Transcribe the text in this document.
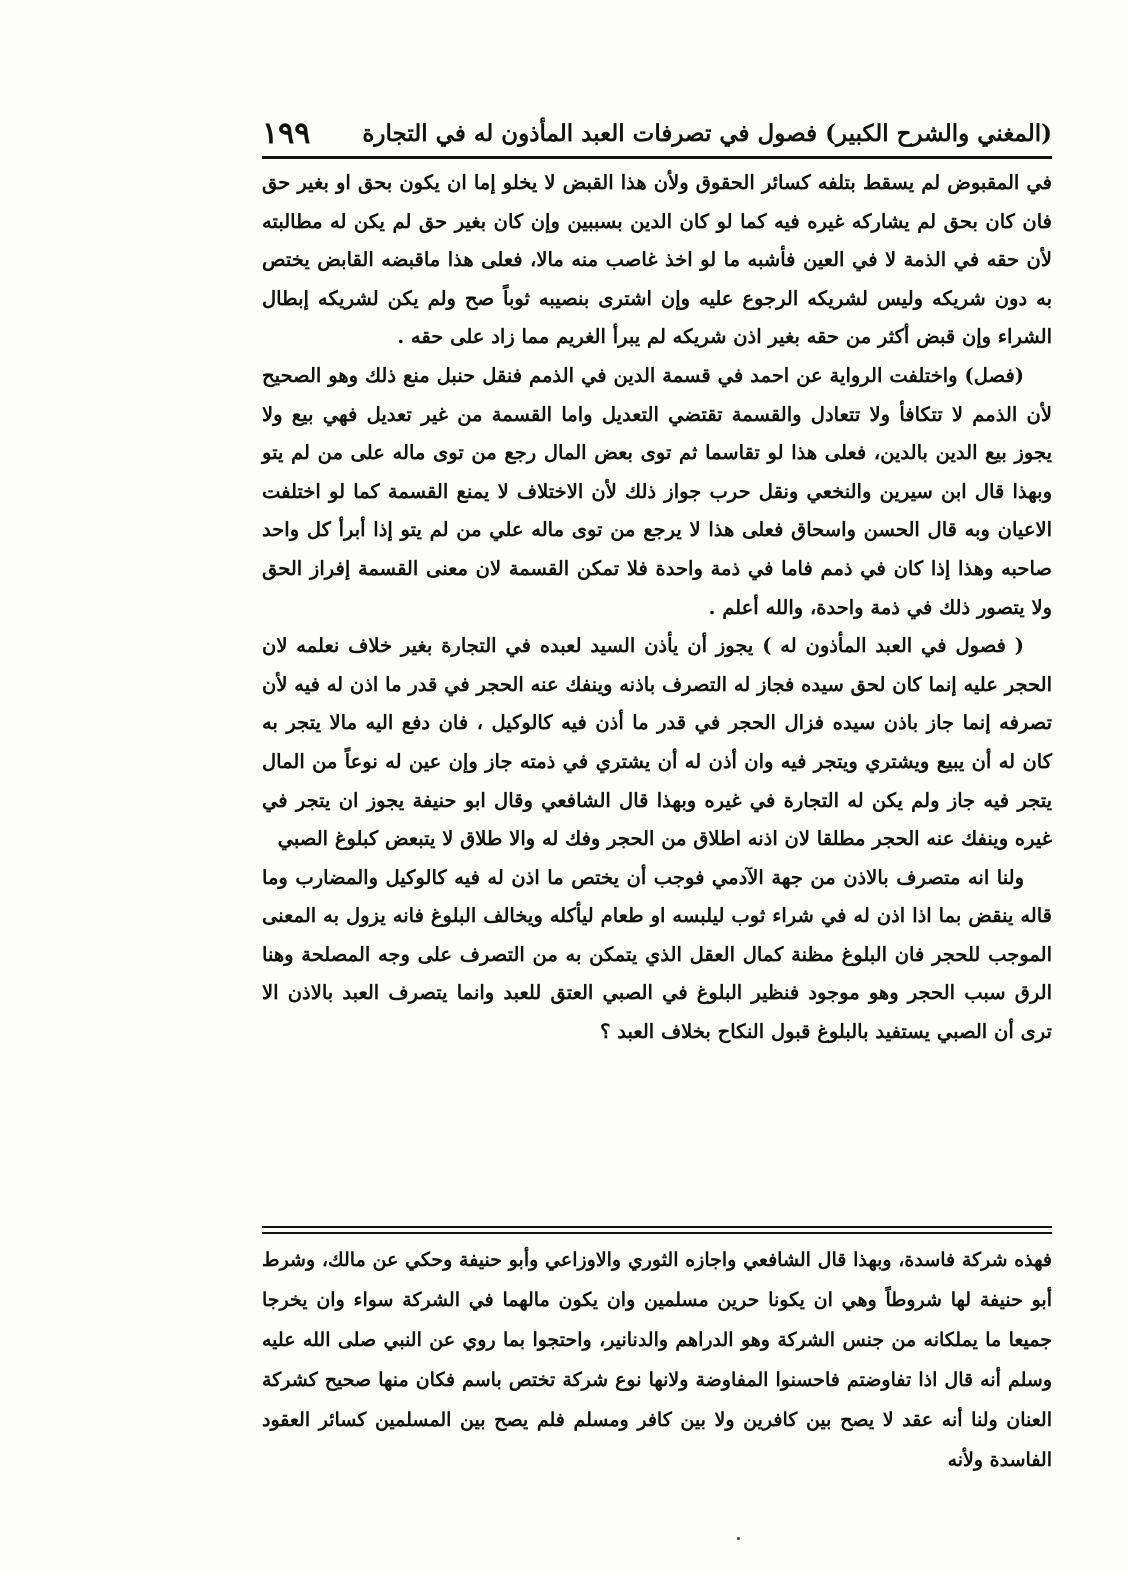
(المغني والشرح الكبير) فصول في تصرفات العبد المأذون له في التجارة
١٩٩

في المقبوض لم يسقط بتلفه كسائر الحقوق ولأن هذا القبض لا يخلو إما ان يكون بحق او بغير حق فان كان بحق لم يشاركه غيره فيه كما لو كان الدين بسببين وإن كان بغير حق لم يكن له مطالبته لأن حقه في الذمة لا في العين فأشبه ما لو اخذ غاصب منه مالا، فعلى هذا ماقبضه القابض يختص به دون شريكه وليس لشريكه الرجوع عليه وإن اشترى بنصيبه ثوباً صح ولم يكن لشريكه إبطال الشراء وإن قبض أكثر من حقه بغير اذن شريكه لم يبرأ الغريم مما زاد على حقه .

(فصل) واختلفت الرواية عن احمد في قسمة الدين في الذمم فنقل حنبل منع ذلك وهو الصحيح لأن الذمم لا تتكافأ ولا تتعادل والقسمة تقتضي التعديل واما القسمة من غير تعديل فهي بيع ولا يجوز بيع الدين بالدين، فعلى هذا لو تقاسما ثم توى بعض المال رجع من توى ماله على من لم يتو وبهذا قال ابن سيرين والنخعي ونقل حرب جواز ذلك لأن الاختلاف لا يمنع القسمة كما لو اختلفت الاعيان وبه قال الحسن واسحاق فعلى هذا لا يرجع من توى ماله علي من لم يتو إذا أبرأ كل واحد صاحبه وهذا إذا كان في ذمم فاما في ذمة واحدة فلا تمكن القسمة لان معنى القسمة إفراز الحق ولا يتصور ذلك في ذمة واحدة، والله أعلم .

( فصول في العبد المأذون له ) يجوز أن يأذن السيد لعبده في التجارة بغير خلاف نعلمه لان الحجر عليه إنما كان لحق سيده فجاز له التصرف باذنه وينفك عنه الحجر في قدر ما اذن له فيه لأن تصرفه إنما جاز باذن سيده فزال الحجر في قدر ما أذن فيه كالوكيل ، فان دفع اليه مالا يتجر به كان له أن يبيع ويشتري ويتجر فيه وان أذن له أن يشتري في ذمته جاز وإن عين له نوعاً من المال يتجر فيه جاز ولم يكن له التجارة في غيره وبهذا قال الشافعي وقال ابو حنيفة يجوز ان يتجر في غيره وينفك عنه الحجر مطلقا لان اذنه اطلاق من الحجر وفك له والا طلاق لا يتبعض كبلوغ الصبي

ولنا انه متصرف بالاذن من جهة الآدمي فوجب أن يختص ما اذن له فيه كالوكيل والمضارب وما قاله ينقض بما اذا اذن له في شراء ثوب ليلبسه او طعام ليأكله ويخالف البلوغ فانه يزول به المعنى الموجب للحجر فان البلوغ مظنة كمال العقل الذي يتمكن به من التصرف على وجه المصلحة وهنا الرق سبب الحجر وهو موجود فنظير البلوغ في الصبي العتق للعبد وانما يتصرف العبد بالاذن الا ترى أن الصبي يستفيد بالبلوغ قبول النكاح بخلاف العبد ؟

فهذه شركة فاسدة، وبهذا قال الشافعي واجازه الثوري والاوزاعي وأبو حنيفة وحكي عن مالك، وشرط أبو حنيفة لها شروطاً وهي ان يكونا حرين مسلمين وان يكون مالهما في الشركة سواء وان يخرجا جميعا ما يملكانه من جنس الشركة وهو الدراهم والدنانير، واحتجوا بما روي عن النبي صلى الله عليه وسلم أنه قال اذا تفاوضتم فاحسنوا المفاوضة ولانها نوع شركة تختص باسم فكان منها صحيح كشركة العنان ولنا أنه عقد لا يصح بين كافرين ولا بين كافر ومسلم فلم يصح بين المسلمين كسائر العقود الفاسدة ولأنه
